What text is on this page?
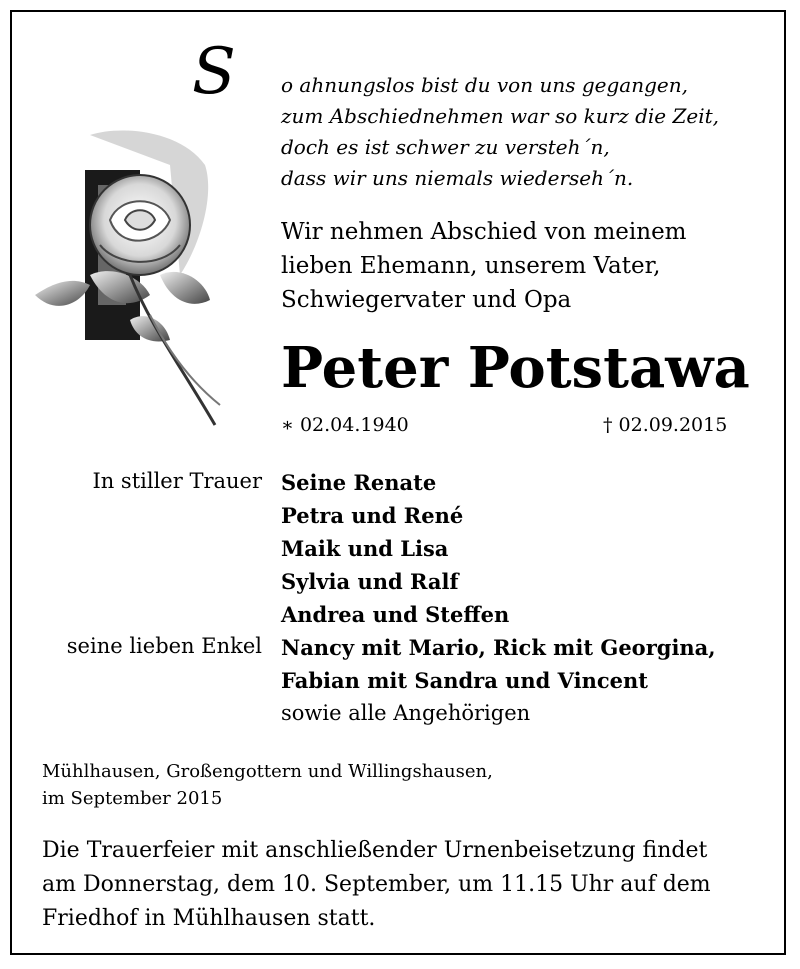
S o ahnungslos bist du von uns gegangen,
zum Abschiednehmen war so kurz die Zeit,
doch es ist schwer zu versteh´n,
dass wir uns niemals wiederseh´n.
Wir nehmen Abschied von meinem
lieben Ehemann, unserem Vater,
Schwiegervater und Opa
Peter Potstawa
∗ 02.04.1940	† 02.09.2015
In stiller Trauer
seine lieben Enkel
Seine Renate
Petra und René
Maik und Lisa
Sylvia und Ralf
Andrea und Steffen
Nancy mit Mario, Rick mit Georgina,
Fabian mit Sandra und Vincent
sowie alle Angehörigen
Mühlhausen, Großengottern und Willingshausen,
im September 2015
Die Trauerfeier mit anschließender Urnenbeisetzung findet
am Donnerstag, dem 10. September, um 11.15 Uhr auf dem
Friedhof in Mühlhausen statt.
